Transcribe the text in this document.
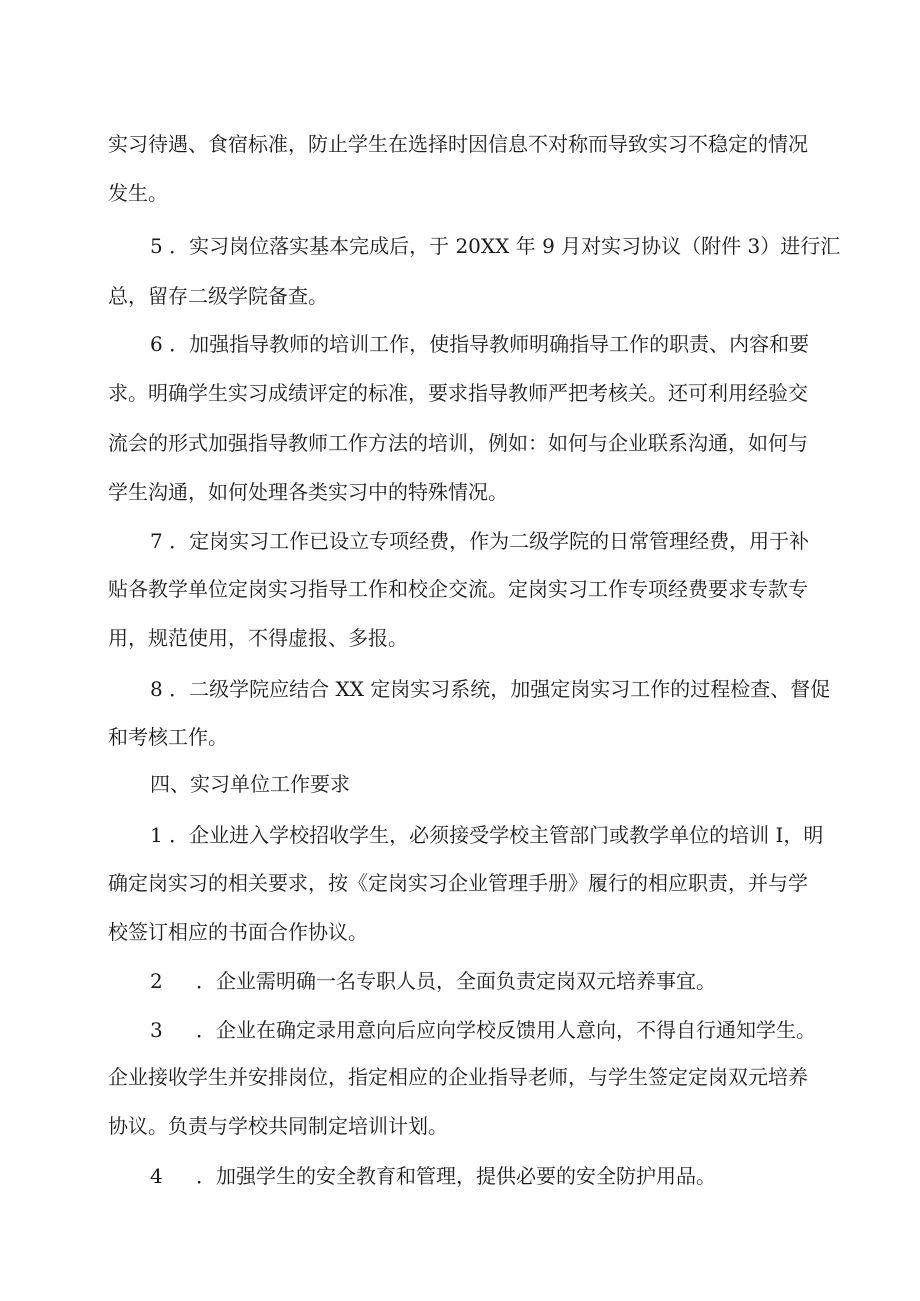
实习待遇、食宿标准，防止学生在选择时因信息不对称而导致实习不稳定的情况
发生。
5 ．实习岗位落实基本完成后，于 20XX 年 9 月对实习协议（附件 3）进行汇
总，留存二级学院备查。
6 ．加强指导教师的培训工作，使指导教师明确指导工作的职责、内容和要
求。明确学生实习成绩评定的标准，要求指导教师严把考核关。还可利用经验交
流会的形式加强指导教师工作方法的培训，例如：如何与企业联系沟通，如何与
学生沟通，如何处理各类实习中的特殊情况。
7 ．定岗实习工作已设立专项经费，作为二级学院的日常管理经费，用于补
贴各教学单位定岗实习指导工作和校企交流。定岗实习工作专项经费要求专款专
用，规范使用，不得虚报、多报。
8 ．二级学院应结合 XX 定岗实习系统，加强定岗实习工作的过程检查、督促
和考核工作。
四、实习单位工作要求
1 ．企业进入学校招收学生，必须接受学校主管部门或教学单位的培训 I，明
确定岗实习的相关要求，按《定岗实习企业管理手册》履行的相应职责，并与学
校签订相应的书面合作协议。
2 ．企业需明确一名专职人员，全面负责定岗双元培养事宜。
3 ．企业在确定录用意向后应向学校反馈用人意向，不得自行通知学生。
企业接收学生并安排岗位，指定相应的企业指导老师，与学生签定定岗双元培养
协议。负责与学校共同制定培训计划。
4 ．加强学生的安全教育和管理，提供必要的安全防护用品。
